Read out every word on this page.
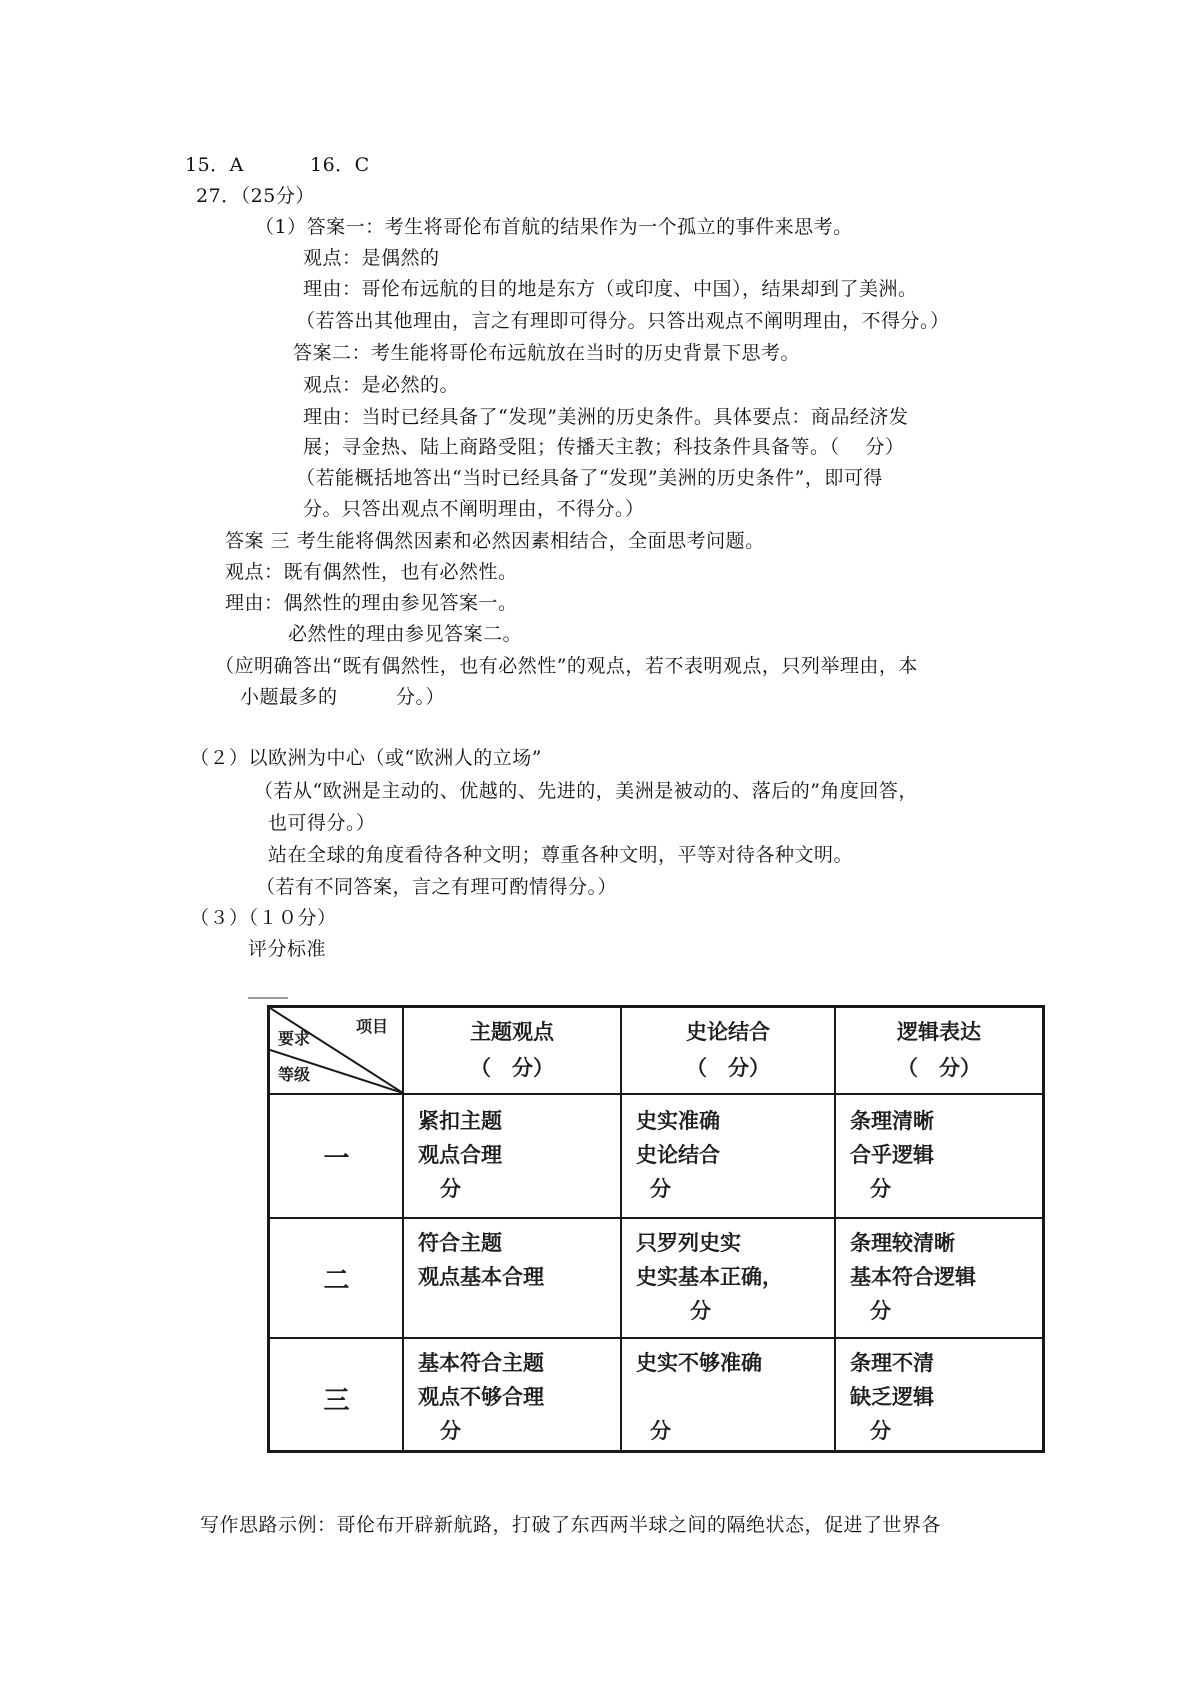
15．A	16．C
27．（25分）
（1）答案一：考生将哥伦布首航的结果作为一个孤立的事件来思考。
观点：是偶然的
理由：哥伦布远航的目的地是东方（或印度、中国），结果却到了美洲。
（若答出其他理由，言之有理即可得分。只答出观点不阐明理由，不得分。）
答案二：考生能将哥伦布远航放在当时的历史背景下思考。
观点：是必然的。
理由：当时已经具备了“发现”美洲的历史条件。具体要点：商品经济发
展；寻金热、陆上商路受阻；传播天主教；科技条件具备等。（　 分）
（若能概括地答出“当时已经具备了“发现”美洲的历史条件”，即可得
分。只答出观点不阐明理由，不得分。）
答案 三 考生能将偶然因素和必然因素相结合，全面思考问题。
观点：既有偶然性，也有必然性。
理由：偶然性的理由参见答案一。
必然性的理由参见答案二。
（应明确答出“既有偶然性，也有必然性”的观点，若不表明观点，只列举理由，本
小题最多的　　　分。）
（２）以欧洲为中心（或“欧洲人的立场”
（若从“欧洲是主动的、优越的、先进的，美洲是被动的、落后的”角度回答，
也可得分。）
站在全球的角度看待各种文明；尊重各种文明，平等对待各种文明。
（若有不同答案，言之有理可酌情得分。）
（３）（１０分）
评分标准
项目
要求
等级
主题观点
（　分）
史论结合
（　分）
逻辑表达
（　分）
一
紧扣主题
观点合理
分
史实准确
史论结合
分
条理清晰
合乎逻辑
分
二
符合主题
观点基本合理
只罗列史实
史实基本正确，
分
条理较清晰
基本符合逻辑
分
三
基本符合主题
观点不够合理
分
史实不够准确
分
条理不清
缺乏逻辑
分
写作思路示例：哥伦布开辟新航路，打破了东西两半球之间的隔绝状态，促进了世界各
